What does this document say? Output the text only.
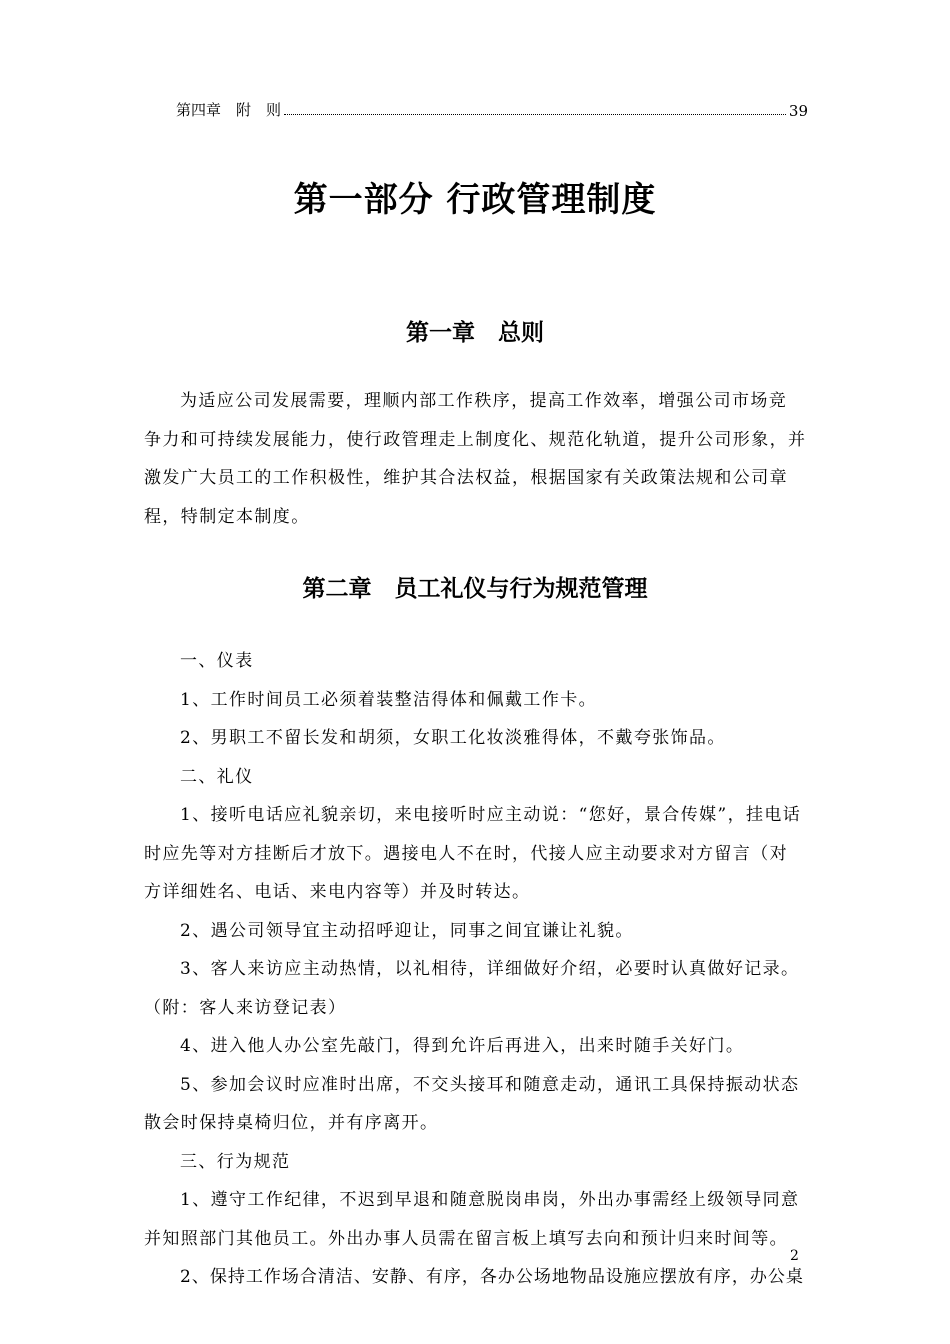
第四章　附　则	39
第一部分 行政管理制度
第一章　总则
为适应公司发展需要，理顺内部工作秩序，提高工作效率，增强公司市场竞
争力和可持续发展能力，使行政管理走上制度化、规范化轨道，提升公司形象，并
激发广大员工的工作积极性，维护其合法权益，根据国家有关政策法规和公司章
程，特制定本制度。
第二章　员工礼仪与行为规范管理
一、仪表
1、工作时间员工必须着装整洁得体和佩戴工作卡。
2、男职工不留长发和胡须，女职工化妆淡雅得体，不戴夸张饰品。
二、礼仪
1、接听电话应礼貌亲切，来电接听时应主动说：“您好，景合传媒”，挂电话
时应先等对方挂断后才放下。遇接电人不在时，代接人应主动要求对方留言（对
方详细姓名、电话、来电内容等）并及时转达。
2、遇公司领导宜主动招呼迎让，同事之间宜谦让礼貌。
3、客人来访应主动热情，以礼相待，详细做好介绍，必要时认真做好记录。
（附：客人来访登记表）
4、进入他人办公室先敲门，得到允许后再进入，出来时随手关好门。
5、参加会议时应准时出席，不交头接耳和随意走动，通讯工具保持振动状态
散会时保持桌椅归位，并有序离开。
三、行为规范
1、遵守工作纪律，不迟到早退和随意脱岗串岗，外出办事需经上级领导同意
并知照部门其他员工。外出办事人员需在留言板上填写去向和预计归来时间等。
2、保持工作场合清洁、安静、有序，各办公场地物品设施应摆放有序，办公桌
2
